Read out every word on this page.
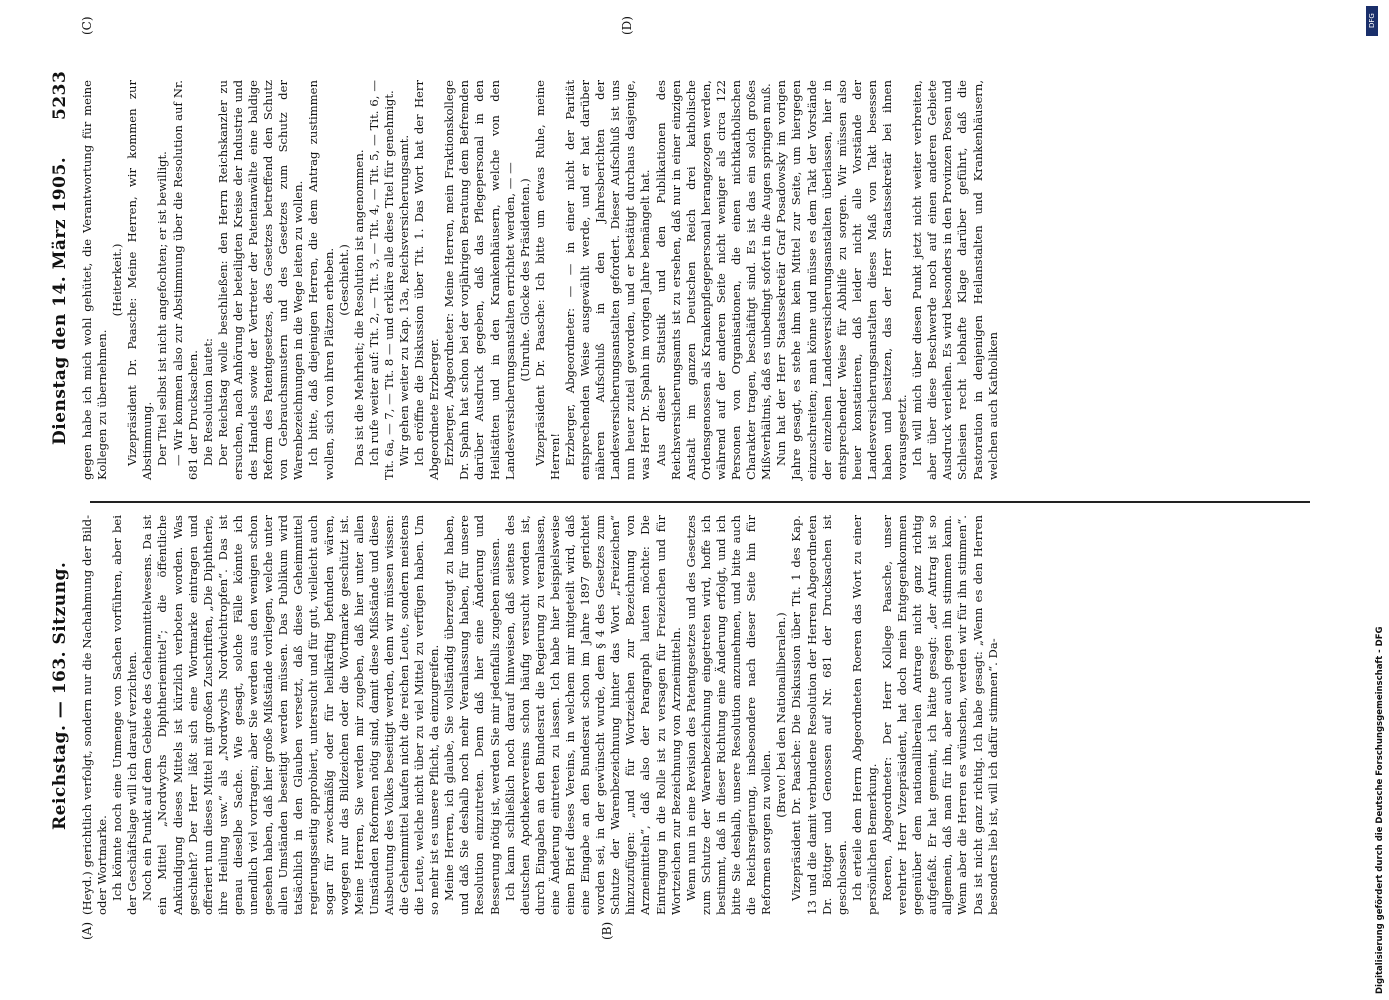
Reichstag. — 163. Sitzung.
Dienstag den 14. März 1905.
5233
(A)	(B)
(C)	(D)

(Heyd.) gerichtlich verfolgt, sondern nur die Nachahmung der Bild- oder Wortmarke. Ich könnte noch eine Unmenge von Sachen vorführen, aber bei der Geschäftslage will ich darauf verzichten. Noch ein Punkt auf dem Gebiete des Geheimmittelwesens. Da ist ein Mittel „Nordwychs Diphtheriemittel“; die öffentliche Ankündigung dieses Mittels ist kürzlich verboten worden. Was geschieht? Der Herr läßt sich eine Wortmarke eintragen und offeriert nun dieses Mittel mit großen Zuschriften, „Die Diphtherie, ihre Heilung usw.“ als „Nordwychs Nordwichtropfen“. Das ist genau dieselbe Sache. Wie gesagt, solche Fälle könnte ich unendlich viel vortragen; aber Sie werden aus den wenigen schon gesehen haben, daß hier große Mißstände vorliegen, welche unter allen Umständen beseitigt werden müssen. Das Publikum wird tatsächlich in den Glauben versetzt, daß diese Geheimmittel regierungsseitig approbiert, untersucht und für gut, vielleicht auch sogar für zweckmäßig oder für heilkräftig befunden wären, wogegen nur das Bildzeichen oder die Wortmarke geschützt ist. Meine Herren, Sie werden mir zugeben, daß hier unter allen Umständen Reformen nötig sind, damit diese Mißstände und diese Ausbeutung des Volkes beseitigt werden, denn wir müssen wissen: die Geheimmittel kaufen nicht die reichen Leute, sondern meistens die Leute, welche nicht über zu viel Mittel zu verfügen haben. Um so mehr ist es unsere Pflicht, da einzugreifen. Meine Herren, ich glaube, Sie vollständig überzeugt zu haben, und daß Sie deshalb noch mehr Veranlassung haben, für unsere Resolution einzutreten. Denn daß hier eine Änderung und Besserung nötig ist, werden Sie mir jedenfalls zugeben müssen. Ich kann schließlich noch darauf hinweisen, daß seitens des deutschen Apothekervereins schon häufig versucht worden ist, durch Eingaben an den Bundesrat die Regierung zu veranlassen, eine Änderung eintreten zu lassen. Ich habe hier beispielsweise einen Brief dieses Vereins, in welchem mir mitgeteilt wird, daß eine Eingabe an den Bundesrat schon im Jahre 1897 gerichtet worden sei, in der gewünscht wurde, dem § 4 des Gesetzes zum Schutze der Warenbezeichnung hinter das Wort „Freizeichen“ hinzuzufügen: „und für Wortzeichen zur Bezeichnung von Arzneimitteln“, daß also der Paragraph lauten möchte: Die Eintragung in die Rolle ist zu versagen für Freizeichen und für Wortzeichen zur Bezeichnung von Arzneimitteln. Wenn nun in eine Revision des Patentgesetzes und des Gesetzes zum Schutze der Warenbezeichnung eingetreten wird, hoffe ich bestimmt, daß in dieser Richtung eine Änderung erfolgt, und ich bitte Sie deshalb, unsere Resolution anzunehmen, und bitte auch die Reichsregierung, insbesondere nach dieser Seite hin für Reformen sorgen zu wollen.

(Bravo! bei den Nationalliberalen.) Vizepräsident Dr. Paasche: Die Diskussion über Tit. 1 des Kap. 13 und die damit verbundene Resolution der Herren Abgeordneten Dr. Böttger und Genossen auf Nr. 681 der Drucksachen ist geschlossen. Ich erteile dem Herrn Abgeordneten Roeren das Wort zu einer persönlichen Bemerkung. Roeren, Abgeordneter: Der Herr Kollege Paasche, unser verehrter Herr Vizepräsident, hat doch mein Entgegenkommen gegenüber dem nationalliberalen Antrage nicht ganz richtig aufgefaßt. Er hat gemeint, ich hätte gesagt: „der Antrag ist so allgemein, daß man für ihn, aber auch gegen ihn stimmen kann. Wenn aber die Herren es wünschen, werden wir für ihn stimmen“. Das ist nicht ganz richtig. Ich habe gesagt: „Wenn es den Herren besonders lieb ist, will ich dafür stimmen“. Da-

gegen habe ich mich wohl gehütet, die Verantwortung für meine Kollegen zu übernehmen.

(Heiterkeit.) Vizepräsident Dr. Paasche: Meine Herren, wir kommen zur Abstimmung. Der Titel selbst ist nicht angefochten; er ist bewilligt. — Wir kommen also zur Abstimmung über die Resolution auf Nr. 681 der Drucksachen. Die Resolution lautet: Der Reichstag wolle beschließen: den Herrn Reichskanzler zu ersuchen, nach Anhörung der beteiligten Kreise der Industrie und des Handels sowie der Vertreter der Patentanwälte eine baldige Reform des Patentgesetzes, des Gesetzes betreffend den Schutz von Gebrauchsmustern und des Gesetzes zum Schutz der Warenbezeichnungen in die Wege leiten zu wollen. Ich bitte, daß diejenigen Herren, die dem Antrag zustimmen wollen, sich von ihren Plätzen erheben. (Geschieht.) Das ist die Mehrheit; die Resolution ist angenommen. Ich rufe weiter auf: Tit. 2, — Tit. 3, — Tit. 4, — Tit. 5, — Tit. 6, — Tit. 6a, — 7, — Tit. 8 — und erkläre alle diese Titel für genehmigt. Wir gehen weiter zu Kap. 13a, Reichsversicherungsamt. Ich eröffne die Diskussion über Tit. 1. Das Wort hat der Herr Abgeordnete Erzberger. Erzberger, Abgeordneter: Meine Herren, mein Fraktionskollege Dr. Spahn hat schon bei der vorjährigen Beratung dem Befremden darüber Ausdruck gegeben, daß das Pflegepersonal in den Heilstätten und in den Krankenhäusern, welche von den Landesversicherungsanstalten errichtet werden, — — (Unruhe. Glocke des Präsidenten.) Vizepräsident Dr. Paasche: Ich bitte um etwas Ruhe, meine Herren! Erzberger, Abgeordneter: — — in einer nicht der Parität entsprechenden Weise ausgewählt werde, und er hat darüber näheren Aufschluß in den Jahresberichten der Landesversicherungsanstalten gefordert. Dieser Aufschluß ist uns nun heuer zuteil geworden, und er bestätigt durchaus dasjenige, was Herr Dr. Spahn im vorigen Jahre bemängelt hat. Aus dieser Statistik und den Publikationen des Reichsversicherungsamts ist zu ersehen, daß nur in einer einzigen Anstalt im ganzen Deutschen Reich drei katholische Ordensgenossen als Krankenpflegepersonal herangezogen werden, während auf der anderen Seite nicht weniger als circa 122 Personen von Organisationen, die einen nichtkatholischen Charakter tragen, beschäftigt sind. Es ist das ein solch großes Mißverhältnis, daß es unbedingt sofort in die Augen springen muß. Nun hat der Herr Staatssekretär Graf Posadowsky im vorigen Jahre gesagt, es stehe ihm kein Mittel zur Seite, um hiergegen einzuschreiten; man könne und müsse es dem Takt der Vorstände der einzelnen Landesversicherungsanstalten überlassen, hier in entsprechender Weise für Abhilfe zu sorgen. Wir müssen also heuer konstatieren, daß leider nicht alle Vorstände der Landesversicherungsanstalten dieses Maß von Takt besessen haben und besitzen, das der Herr Staatssekretär bei ihnen vorausgesetzt. Ich will mich über diesen Punkt jetzt nicht weiter verbreiten, aber über diese Beschwerde noch auf einen anderen Gebiete Ausdruck verleihen. Es wird besonders in den Provinzen Posen und Schlesien recht lebhafte Klage darüber geführt, daß die Pastoration in denjenigen Heilanstalten und Krankenhäusern, welchen auch Katholiken

DFG
Digitalisierung gefördert durch die Deutsche Forschungsgemeinschaft - DFG
